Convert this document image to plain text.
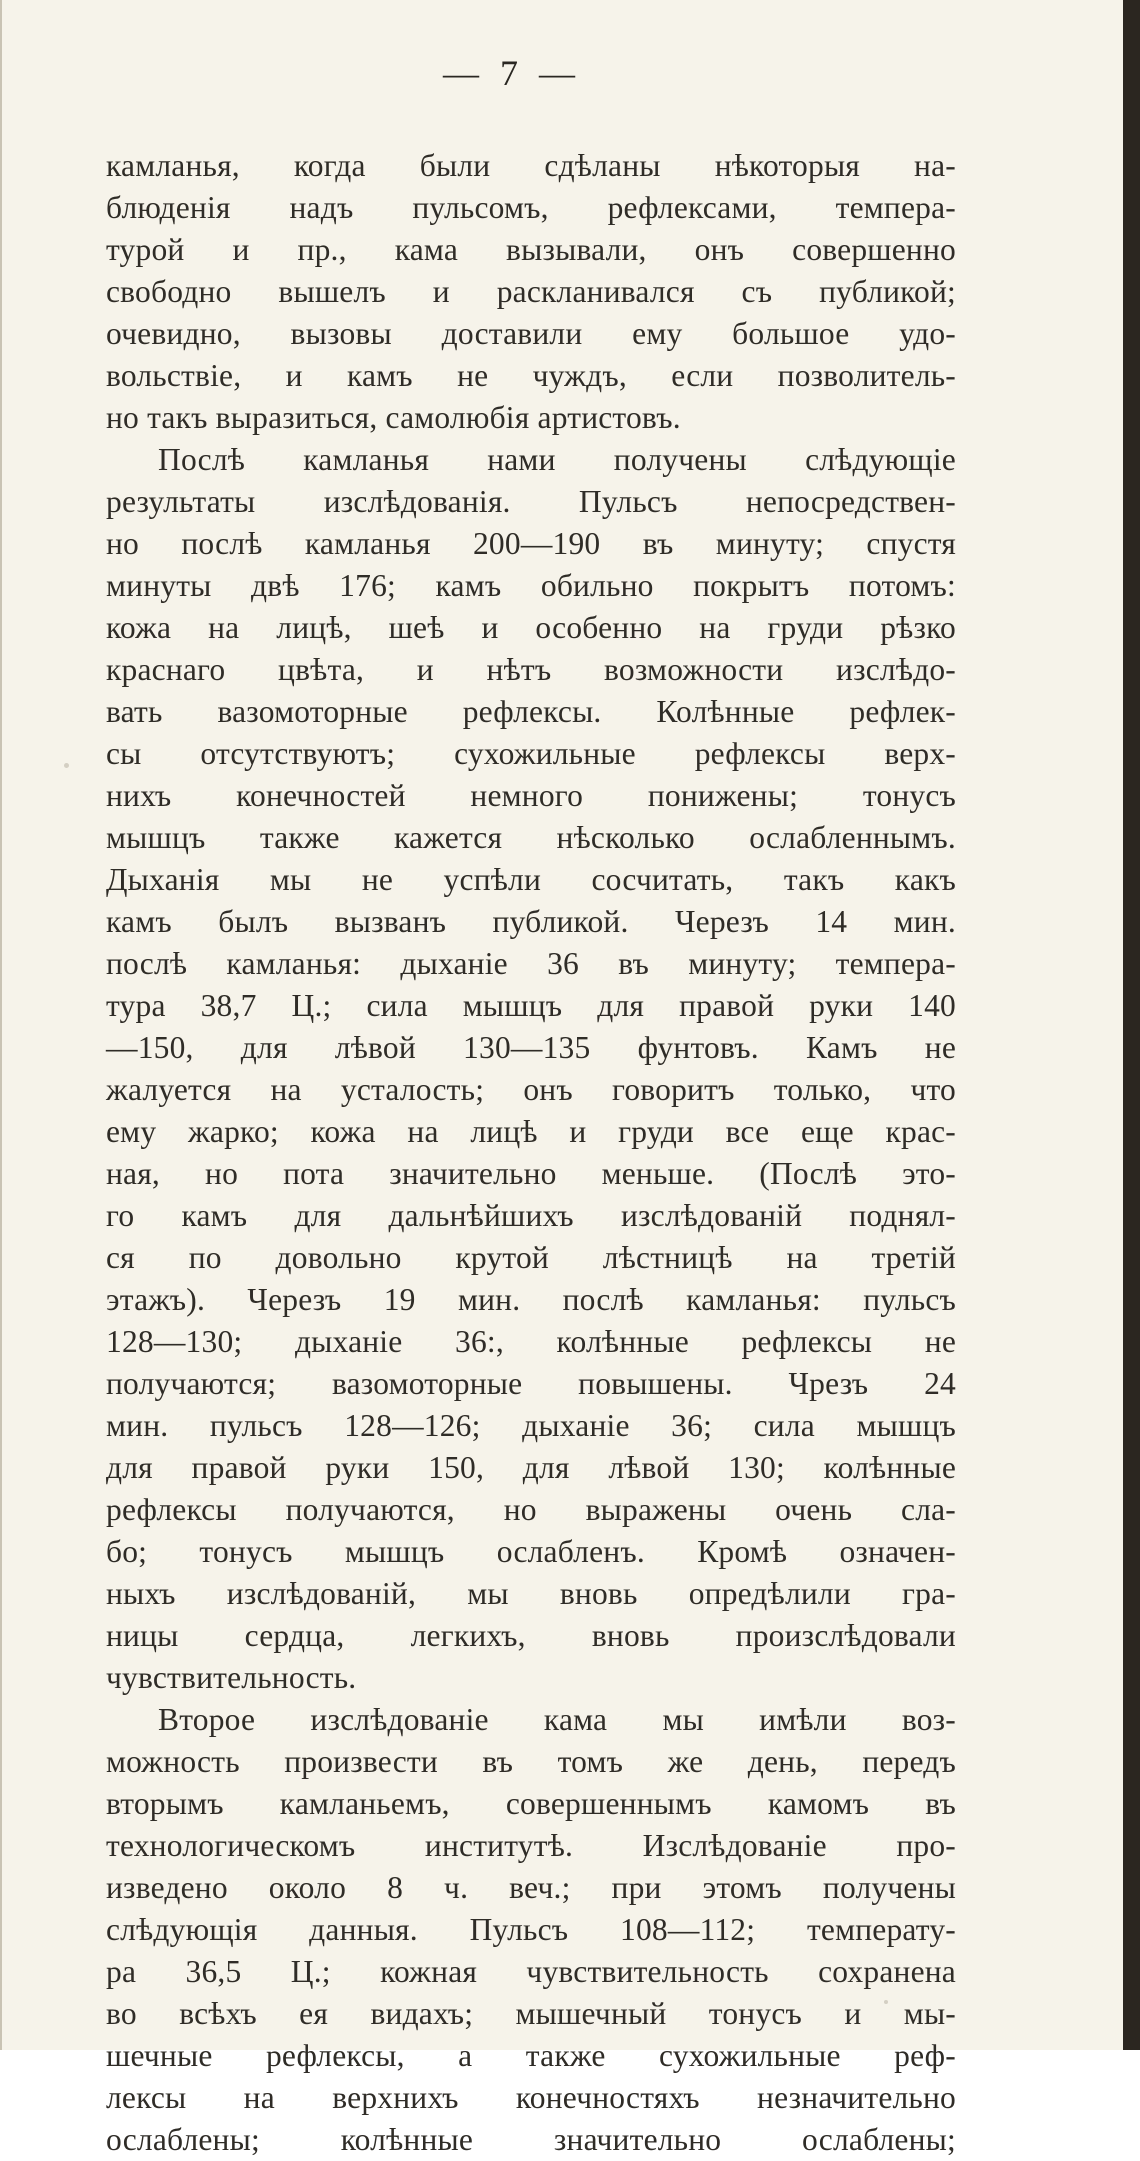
— 7 —
камланья, когда были сдѣланы нѣкоторыя на-
блюденія надъ пульсомъ, рефлексами, темпера-
турой и пр., кама вызывали, онъ совершенно
свободно вышелъ и раскланивался съ публикой;
очевидно, вызовы доставили ему большое удо-
вольствіе, и камъ не чуждъ, если позволитель-
но такъ выразиться, самолюбія артистовъ.
Послѣ камланья нами получены слѣдующіе
результаты изслѣдованія. Пульсъ непосредствен-
но послѣ камланья 200—190 въ минуту; спустя
минуты двѣ 176; камъ обильно покрытъ потомъ:
кожа на лицѣ, шеѣ и особенно на груди рѣзко
краснаго цвѣта, и нѣтъ возможности изслѣдо-
вать вазомоторные рефлексы. Колѣнные рефлек-
сы отсутствуютъ; сухожильные рефлексы верх-
нихъ конечностей немного понижены; тонусъ
мышцъ также кажется нѣсколько ослабленнымъ.
Дыханія мы не успѣли сосчитать, такъ какъ
камъ былъ вызванъ публикой. Черезъ 14 мин.
послѣ камланья: дыханіе 36 въ минуту; темпера-
тура 38,7 Ц.; сила мышцъ для правой руки 140
—150, для лѣвой 130—135 фунтовъ. Камъ не
жалуется на усталость; онъ говоритъ только, что
ему жарко; кожа на лицѣ и груди все еще крас-
ная, но пота значительно меньше. (Послѣ это-
го камъ для дальнѣйшихъ изслѣдованій поднял-
ся по довольно крутой лѣстницѣ на третій
этажъ). Черезъ 19 мин. послѣ камланья: пульсъ
128—130; дыханіе 36:, колѣнные рефлексы не
получаются; вазомоторные повышены. Чрезъ 24
мин. пульсъ 128—126; дыханіе 36; сила мышцъ
для правой руки 150, для лѣвой 130; колѣнные
рефлексы получаются, но выражены очень сла-
бо; тонусъ мышцъ ослабленъ. Кромѣ означен-
ныхъ изслѣдованій, мы вновь опредѣлили гра-
ницы сердца, легкихъ, вновь произслѣдовали
чувствительность.
Второе изслѣдованіе кама мы имѣли воз-
можность произвести въ томъ же день, передъ
вторымъ камланьемъ, совершеннымъ камомъ въ
технологическомъ институтѣ. Изслѣдованіе про-
изведено около 8 ч. веч.; при этомъ получены
слѣдующія данныя. Пульсъ 108—112; температу-
ра 36,5 Ц.; кожная чувствительность сохранена
во всѣхъ ея видахъ; мышечный тонусъ и мы-
шечные рефлексы, а также сухожильные реф-
лексы на верхнихъ конечностяхъ незначительно
ослаблены; колѣнные значительно ослаблены;
